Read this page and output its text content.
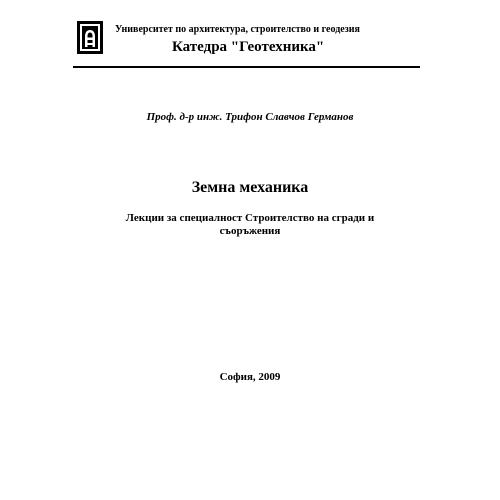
Университет по архитектура, строителство и геодезия
Катедра "Геотехника"
Проф. д-р инж. Трифон Славчов Германов
Земна механика
Лекции за специалност Строителство на сгради и
съоръжения
София, 2009
